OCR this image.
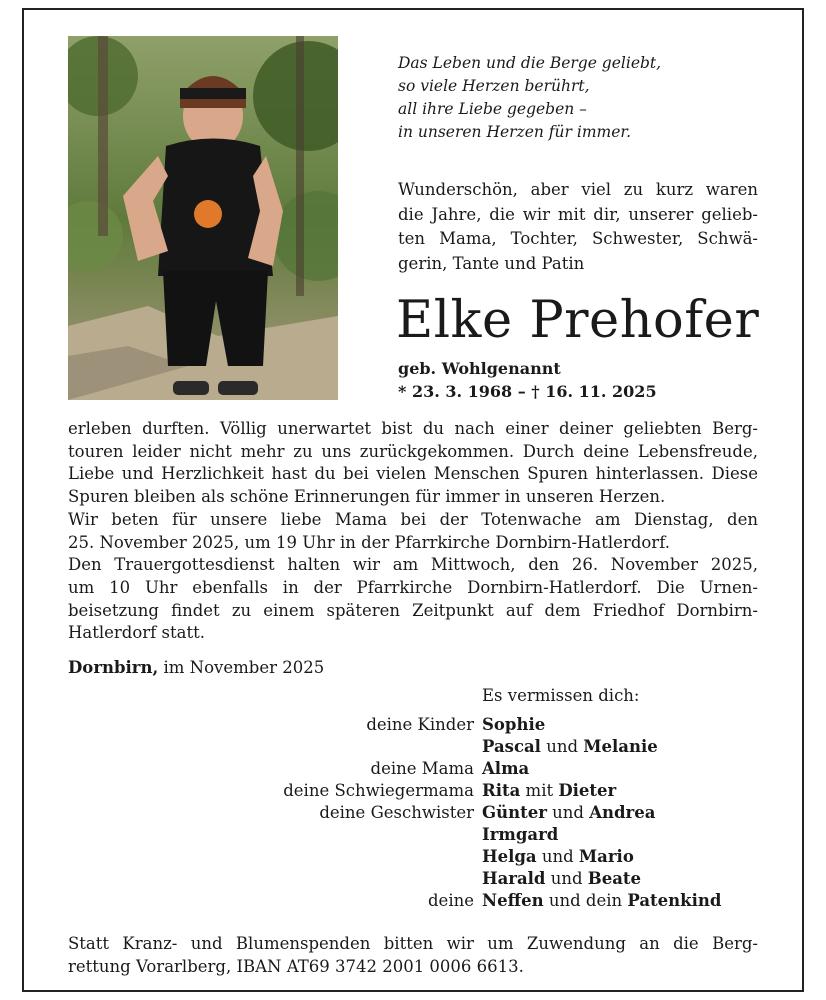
Das Leben und die Berge geliebt,
so viele Herzen berührt,
all ihre Liebe gegeben –
in unseren Herzen für immer.
Wunderschön, aber viel zu kurz waren
die Jahre, die wir mit dir, unserer gelieb-
ten Mama, Tochter, Schwester, Schwä-
gerin, Tante und Patin
Elke Prehofer
geb. Wohlgenannt
* 23. 3. 1968 – † 16. 11. 2025
erleben durften. Völlig unerwartet bist du nach einer deiner geliebten Berg-
touren leider nicht mehr zu uns zurückgekommen. Durch deine Lebensfreude,
Liebe und Herzlichkeit hast du bei vielen Menschen Spuren hinterlassen. Diese
Spuren bleiben als schöne Erinnerungen für immer in unseren Herzen.
Wir beten für unsere liebe Mama bei der Totenwache am Dienstag, den
25. November 2025, um 19 Uhr in der Pfarrkirche Dornbirn-Hatlerdorf.
Den Trauergottesdienst halten wir am Mittwoch, den 26. November 2025,
um 10 Uhr ebenfalls in der Pfarrkirche Dornbirn-Hatlerdorf. Die Urnen-
beisetzung findet zu einem späteren Zeitpunkt auf dem Friedhof Dornbirn-
Hatlerdorf statt.
Dornbirn, im November 2025
Es vermissen dich:
deine Kinder Sophie
Pascal und Melanie
deine Mama Alma
deine Schwiegermama Rita mit Dieter
deine Geschwister Günter und Andrea
Irmgard
Helga und Mario
Harald und Beate
deine Neffen und dein Patenkind
Statt Kranz- und Blumenspenden bitten wir um Zuwendung an die Berg-
rettung Vorarlberg, IBAN AT69 3742 2001 0006 6613.
